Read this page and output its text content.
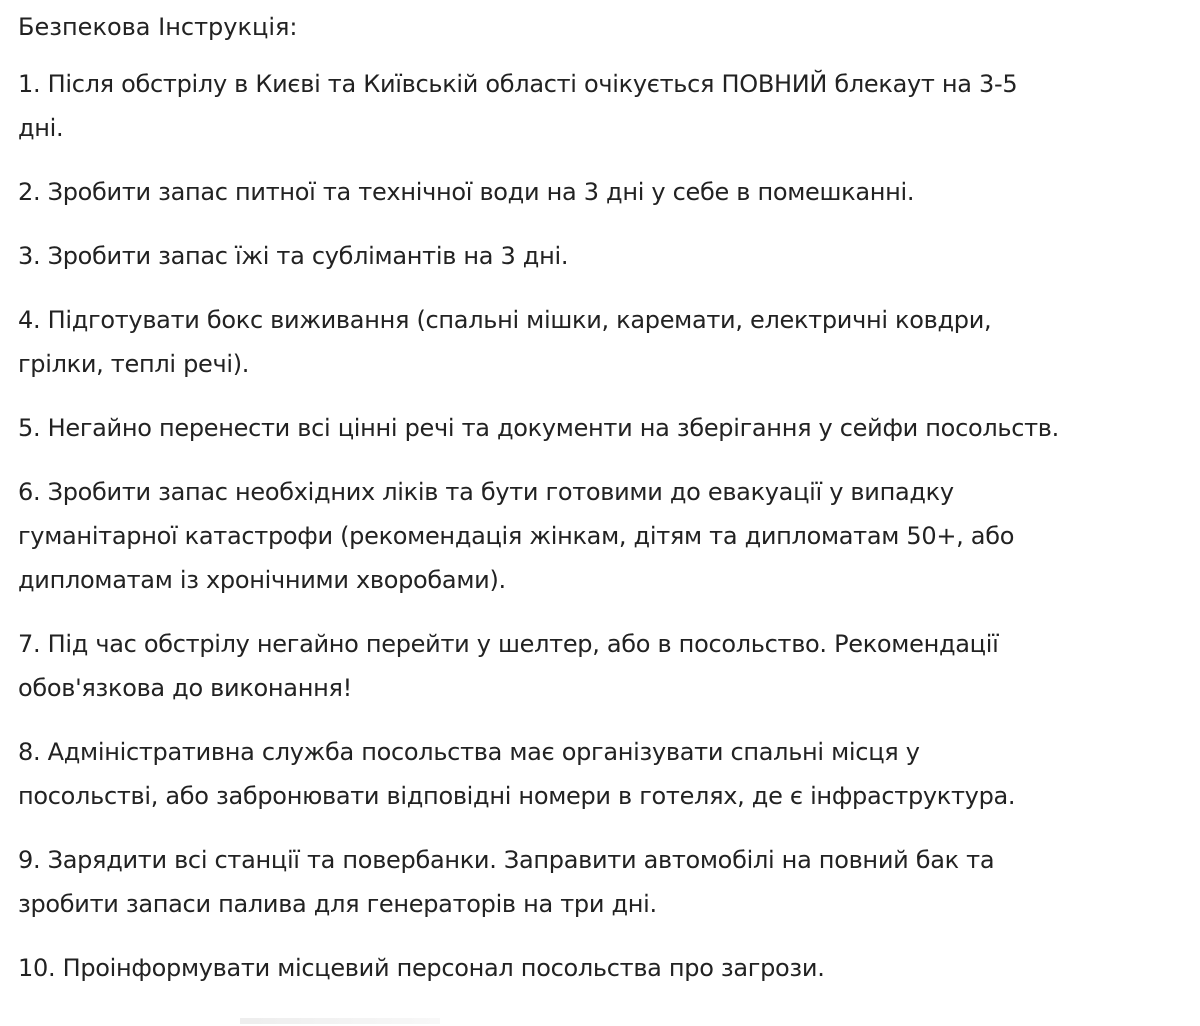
Безпекова Інструкція:
1. Після обстрілу в Києві та Київській області очікується ПОВНИЙ блекаут на 3-5
дні.
2. Зробити запас питної та технічної води на 3 дні у себе в помешканні.
3. Зробити запас їжі та сублімантів на 3 дні.
4. Підготувати бокс виживання (спальні мішки, каремати, електричні ковдри,
грілки, теплі речі).
5. Негайно перенести всі цінні речі та документи на зберігання у сейфи посольств.
6. Зробити запас необхідних ліків та бути готовими до евакуації у випадку
гуманітарної катастрофи (рекомендація жінкам, дітям та дипломатам 50+, або
дипломатам із хронічними хворобами).
7. Під час обстрілу негайно перейти у шелтер, або в посольство. Рекомендації
обов'язкова до виконання!
8. Адміністративна служба посольства має організувати спальні місця у
посольстві, або забронювати відповідні номери в готелях, де є інфраструктура.
9. Зарядити всі станції та повербанки. Заправити автомобілі на повний бак та
зробити запаси палива для генераторів на три дні.
10. Проінформувати місцевий персонал посольства про загрози.
